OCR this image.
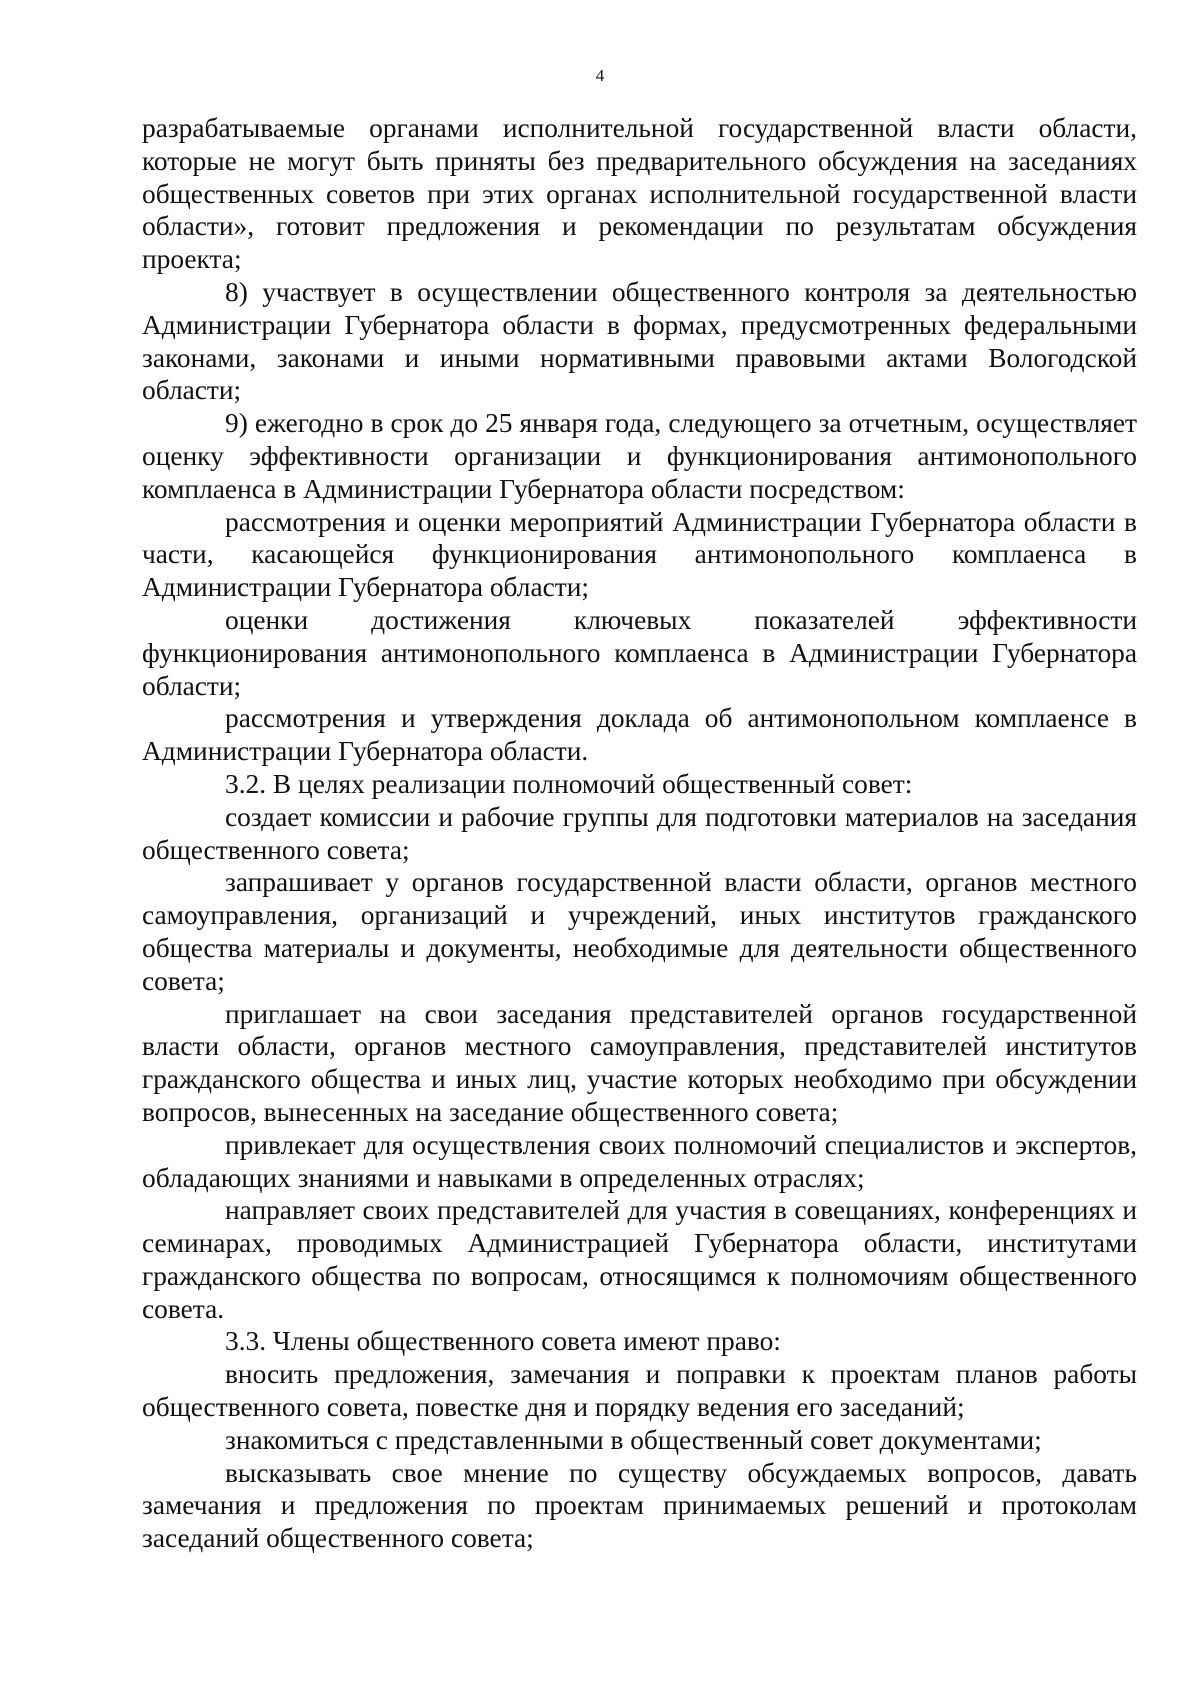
4

разрабатываемые органами исполнительной государственной власти области, которые не могут быть приняты без предварительного обсуждения на заседаниях общественных советов при этих органах исполнительной государственной власти области», готовит предложения и рекомендации по результатам обсуждения проекта;

8) участвует в осуществлении общественного контроля за деятельностью Администрации Губернатора области в формах, предусмотренных федеральными законами, законами и иными нормативными правовыми актами Вологодской области;

9) ежегодно в срок до 25 января года, следующего за отчетным, осуществляет оценку эффективности организации и функционирования антимонопольного комплаенса в Администрации Губернатора области посредством:

рассмотрения и оценки мероприятий Администрации Губернатора области в части, касающейся функционирования антимонопольного комплаенса в Администрации Губернатора области;

оценки достижения ключевых показателей эффективности функционирования антимонопольного комплаенса в Администрации Губернатора области;

рассмотрения и утверждения доклада об антимонопольном комплаенсе в Администрации Губернатора области.

3.2. В целях реализации полномочий общественный совет:

создает комиссии и рабочие группы для подготовки материалов на заседания общественного совета;

запрашивает у органов государственной власти области, органов местного самоуправления, организаций и учреждений, иных институтов гражданского общества материалы и документы, необходимые для деятельности общественного совета;

приглашает на свои заседания представителей органов государственной власти области, органов местного самоуправления, представителей институтов гражданского общества и иных лиц, участие которых необходимо при обсуждении вопросов, вынесенных на заседание общественного совета;

привлекает для осуществления своих полномочий специалистов и экспертов, обладающих знаниями и навыками в определенных отраслях;

направляет своих представителей для участия в совещаниях, конференциях и семинарах, проводимых Администрацией Губернатора области, институтами гражданского общества по вопросам, относящимся к полномочиям общественного совета.

3.3. Члены общественного совета имеют право:

вносить предложения, замечания и поправки к проектам планов работы общественного совета, повестке дня и порядку ведения его заседаний;

знакомиться с представленными в общественный совет документами;

высказывать свое мнение по существу обсуждаемых вопросов, давать замечания и предложения по проектам принимаемых решений и протоколам заседаний общественного совета;
